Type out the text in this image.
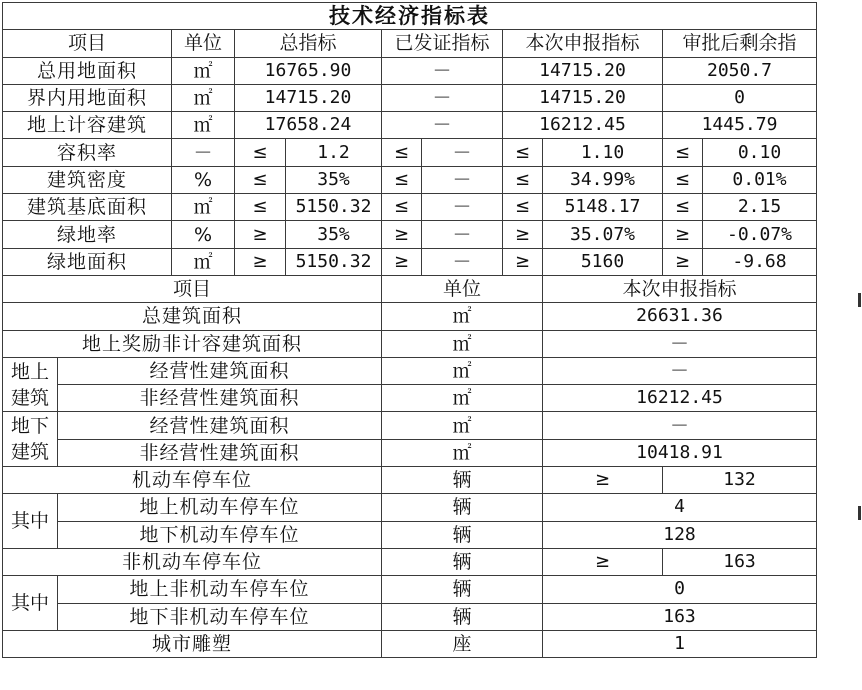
技术经济指标表										
项目		单位	总指标		已发证指标		本次申报指标		审批后剩余指	
总用地面积		㎡	16765.90		－		14715.20		2050.7	
界内用地面积		㎡	14715.20		－		14715.20		0	
地上计容建筑		㎡	17658.24		－		16212.45		1445.79	
容积率		－	≤	1.2	≤	－	≤	1.10	≤	0.10
建筑密度		%	≤	35%	≤	－	≤	34.99%	≤	0.01%
建筑基底面积		㎡	≤	5150.32	≤	－	≤	5148.17	≤	2.15
绿地率		%	≥	35%	≥	－	≥	35.07%	≥	-0.07%
绿地面积		㎡	≥	5150.32	≥	－	≥	5160	≥	-9.68
项目					单位			本次申报指标		
总建筑面积					㎡			26631.36		
地上奖励非计容建筑面积					㎡			－		
地上建筑	经营性建筑面积				㎡			－		
	非经营性建筑面积				㎡			16212.45		
地下建筑	经营性建筑面积				㎡			－		
	非经营性建筑面积				㎡			10418.91		
机动车停车位					辆			≥	132	
其中	地上机动车停车位				辆			4		
	地下机动车停车位				辆			128		
非机动车停车位					辆			≥	163	
其中	地上非机动车停车位				辆			0		
	地下非机动车停车位				辆			163		
城市雕塑					座			1		
